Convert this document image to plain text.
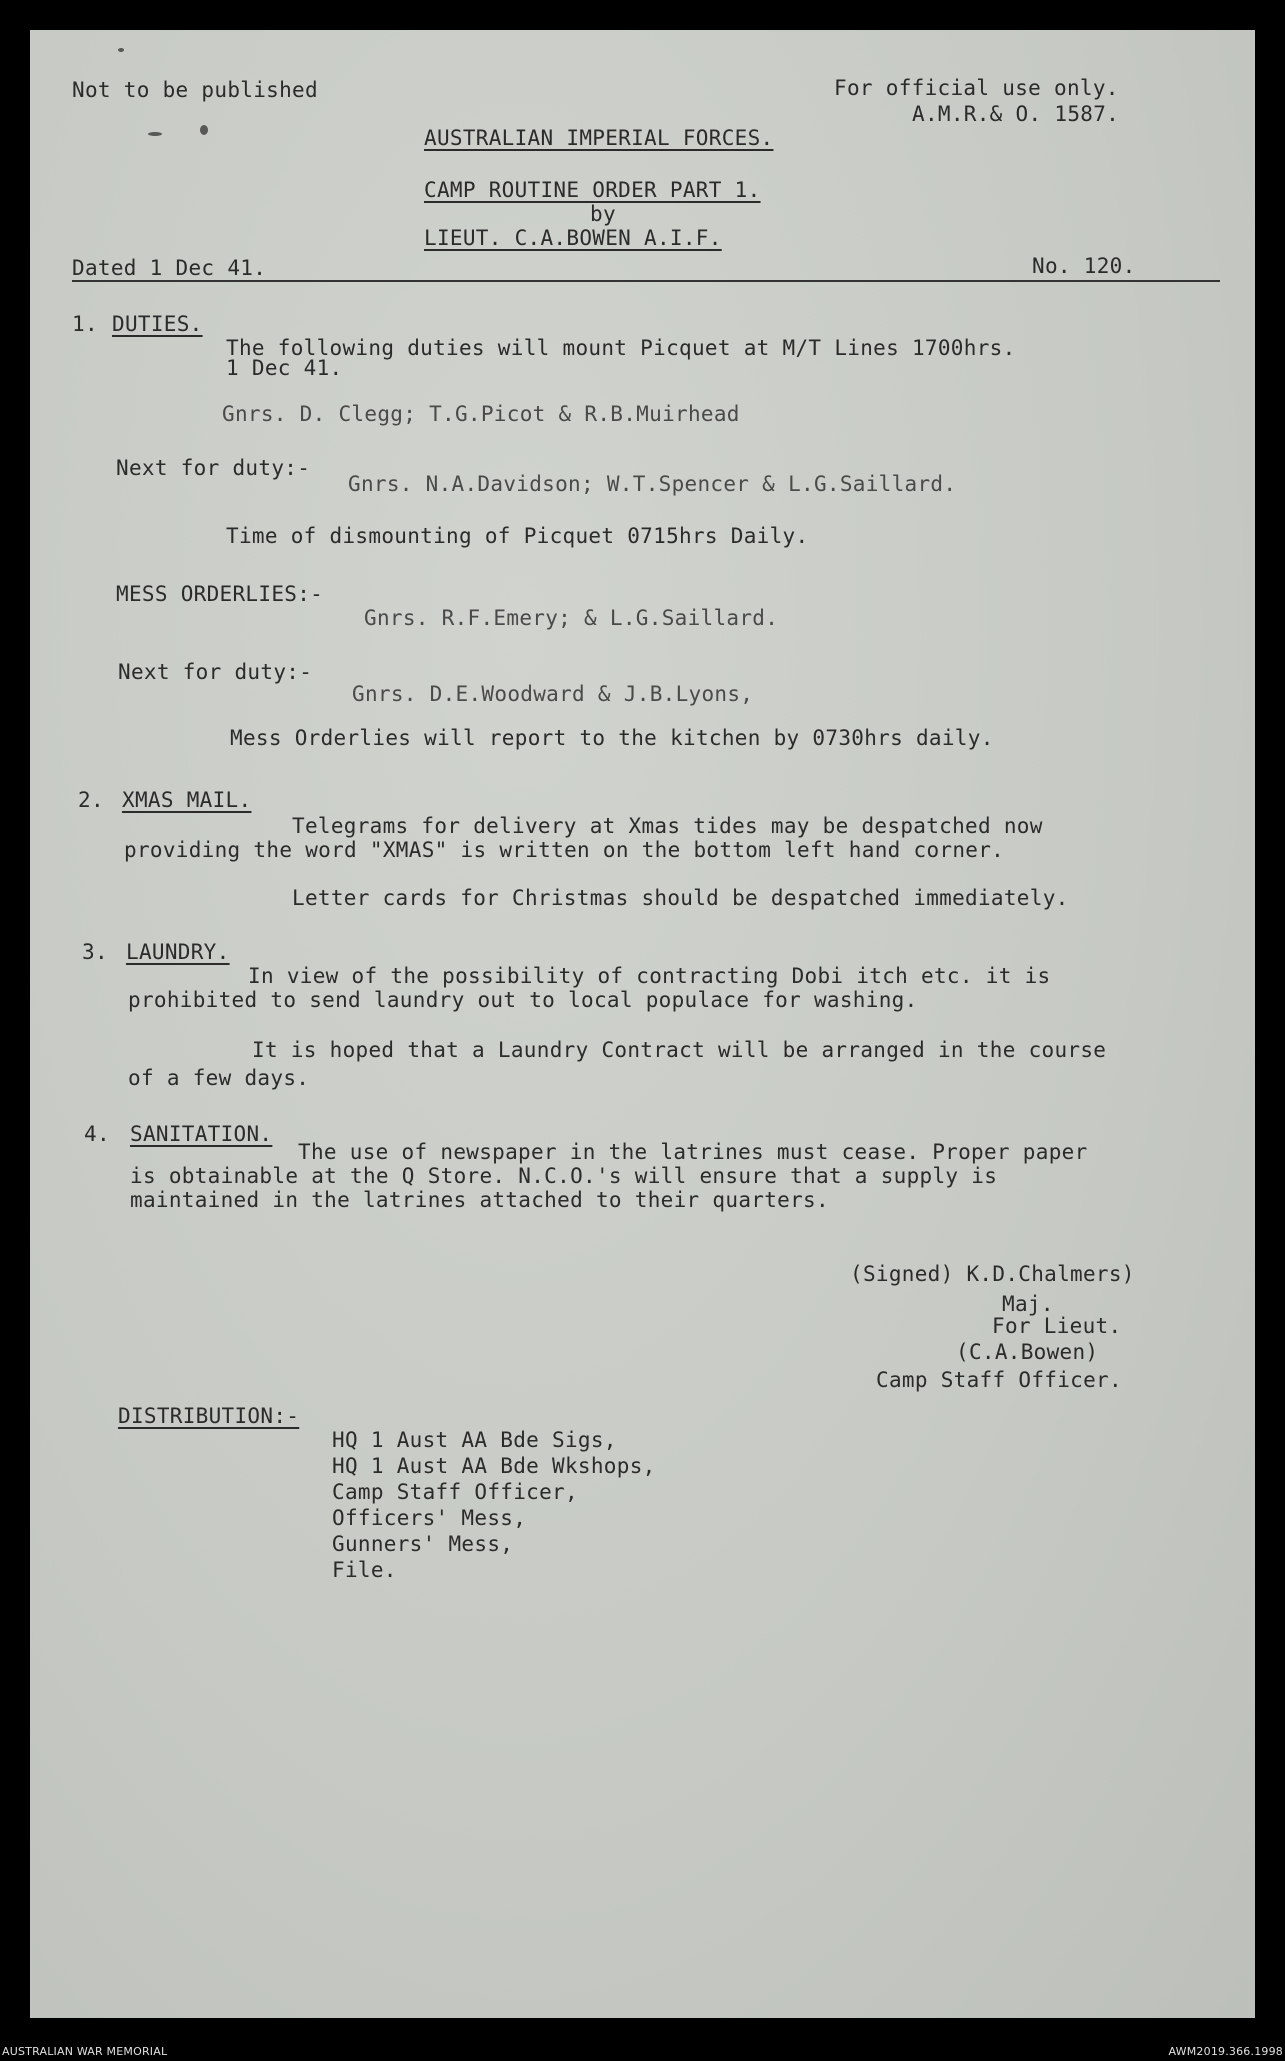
Not to be published	For official use only.
A.M.R.& O. 1587.
AUSTRALIAN IMPERIAL FORCES.
CAMP ROUTINE ORDER PART 1.
by
LIEUT. C.A.BOWEN A.I.F.
Dated 1 Dec 41.	No. 120.
1. DUTIES.
The following duties will mount Picquet at M/T Lines 1700hrs.
1 Dec 41.
Gnrs. D. Clegg; T.G.Picot & R.B.Muirhead
Next for duty:-
Gnrs. N.A.Davidson; W.T.Spencer & L.G.Saillard.
Time of dismounting of Picquet 0715hrs Daily.
MESS ORDERLIES:-
Gnrs. R.F.Emery; & L.G.Saillard.
Next for duty:-
Gnrs. D.E.Woodward & J.B.Lyons,
Mess Orderlies will report to the kitchen by 0730hrs daily.
2. XMAS MAIL.
Telegrams for delivery at Xmas tides may be despatched now
providing the word "XMAS" is written on the bottom left hand corner.
Letter cards for Christmas should be despatched immediately.
3. LAUNDRY.
In view of the possibility of contracting Dobi itch etc. it is
prohibited to send laundry out to local populace for washing.
It is hoped that a Laundry Contract will be arranged in the course
of a few days.
4. SANITATION.
The use of newspaper in the latrines must cease. Proper paper
is obtainable at the Q Store. N.C.O.'s will ensure that a supply is
maintained in the latrines attached to their quarters.
(Signed) K.D.Chalmers)
Maj.
For Lieut.
(C.A.Bowen)
Camp Staff Officer.
DISTRIBUTION:-
HQ 1 Aust AA Bde Sigs,
HQ 1 Aust AA Bde Wkshops,
Camp Staff Officer,
Officers' Mess,
Gunners' Mess,
File.
AUSTRALIAN WAR MEMORIAL	AWM2019.366.1998
